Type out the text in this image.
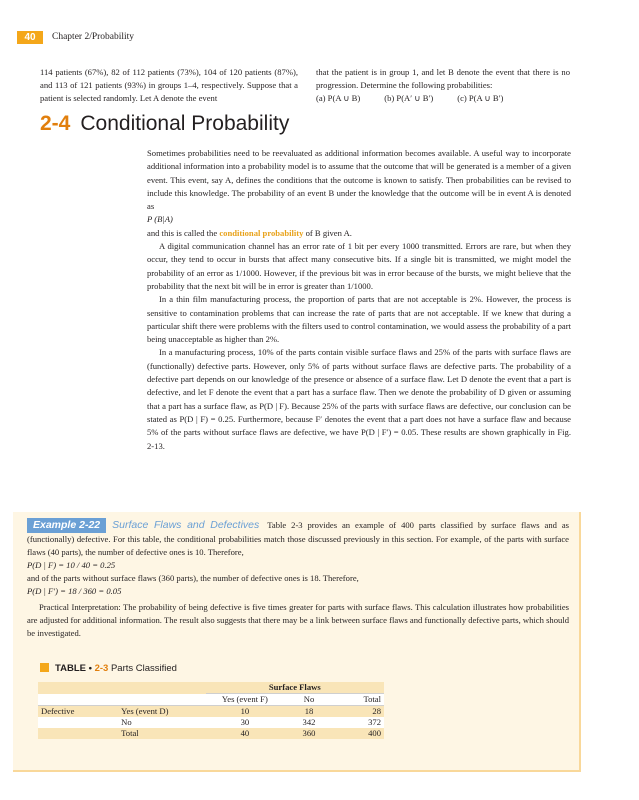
40	Chapter 2/Probability

114 patients (67%), 82 of 112 patients (73%), 104 of 120 patients (87%), and 113 of 121 patients (93%) in groups 1–4, respectively. Suppose that a patient is selected randomly. Let A denote the event

that the patient is in group 1, and let B denote the event that there is no progression. Determine the following probabilities:

(a) P(A ∪ B)	(b) P(A′ ∪ B′)	(c) P(A ∪ B′)
2-4 Conditional Probability

Sometimes probabilities need to be reevaluated as additional information becomes available. A useful way to incorporate additional information into a probability model is to assume that the outcome that will be generated is a member of a given event. This event, say A, defines the conditions that the outcome is known to satisfy. Then probabilities can be revised to include this knowledge. The probability of an event B under the knowledge that the outcome will be in event A is denoted as

P (B|A)

and this is called the conditional probability of B given A.

A digital communication channel has an error rate of 1 bit per every 1000 transmitted. Errors are rare, but when they occur, they tend to occur in bursts that affect many consecutive bits. If a single bit is transmitted, we might model the probability of an error as 1/1000. However, if the previous bit was in error because of the bursts, we might believe that the probability that the next bit will be in error is greater than 1/1000.

In a thin film manufacturing process, the proportion of parts that are not acceptable is 2%. However, the process is sensitive to contamination problems that can increase the rate of parts that are not acceptable. If we knew that during a particular shift there were problems with the filters used to control contamination, we would assess the probability of a part being unacceptable as higher than 2%.

In a manufacturing process, 10% of the parts contain visible surface flaws and 25% of the parts with surface flaws are (functionally) defective parts. However, only 5% of parts without surface flaws are defective parts. The probability of a defective part depends on our knowledge of the presence or absence of a surface flaw. Let D denote the event that a part is defective, and let F denote the event that a part has a surface flaw. Then we denote the probability of D given or assuming that a part has a surface flaw, as P(D | F). Because 25% of the parts with surface flaws are defective, our conclusion can be stated as P(D | F) = 0.25. Furthermore, because F′ denotes the event that a part does not have a surface flaw and because 5% of the parts without surface flaws are defective, we have P(D | F′) = 0.05. These results are shown graphically in Fig. 2-13.

Example 2-22 Surface Flaws and Defectives Table 2-3 provides an example of 400 parts classified by surface flaws and as (functionally) defective. For this table, the conditional probabilities match those discussed previously in this section. For example, of the parts with surface flaws (40 parts), the number of defective ones is 10. Therefore,

P(D | F) = 10 / 40 = 0.25

and of the parts without surface flaws (360 parts), the number of defective ones is 18. Therefore,

P(D | F′) = 18 / 360 = 0.05

Practical Interpretation: The probability of being defective is five times greater for parts with surface flaws. This calculation illustrates how probabilities are adjusted for additional information. The result also suggests that there may be a link between surface flaws and functionally defective parts, which should be investigated.

TABLE • 2-3 Parts Classified
		Surface Flaws		
		Yes (event F)	No	Total
Defective	Yes (event D)	10	18	28
	No	30	342	372
	Total	40	360	400
